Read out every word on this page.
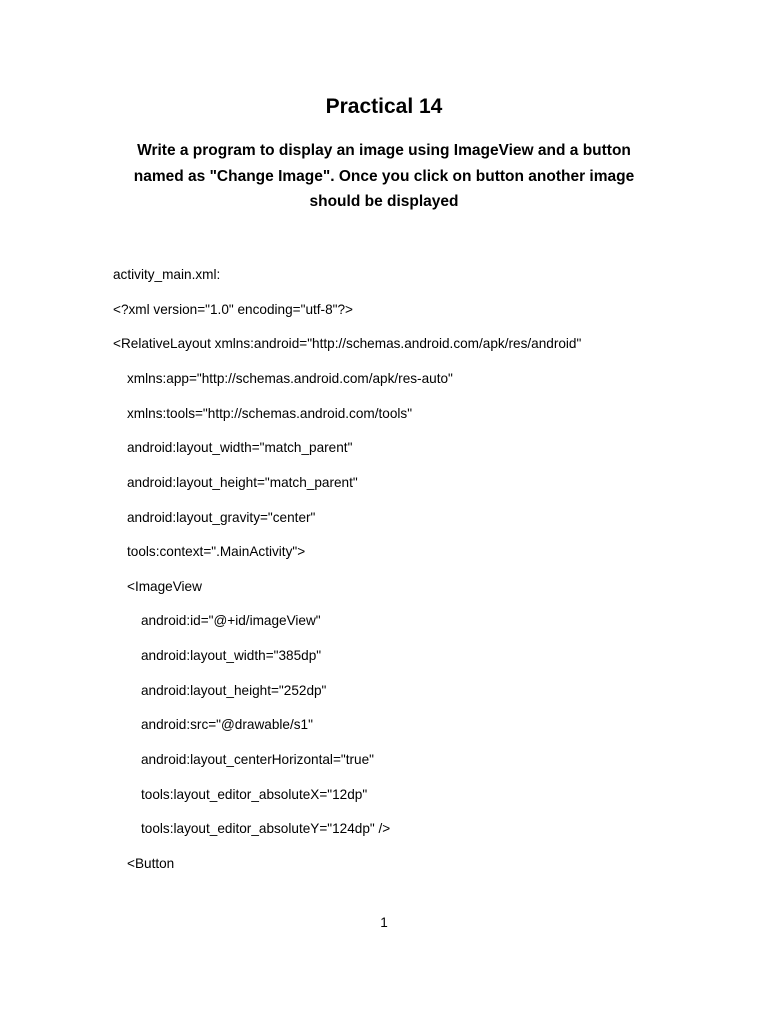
Practical 14
Write a program to display an image using ImageView and a button
named as "Change Image". Once you click on button another image
should be displayed
activity_main.xml:
<?xml version="1.0" encoding="utf-8"?>
<RelativeLayout xmlns:android="http://schemas.android.com/apk/res/android"
xmlns:app="http://schemas.android.com/apk/res-auto"
xmlns:tools="http://schemas.android.com/tools"
android:layout_width="match_parent"
android:layout_height="match_parent"
android:layout_gravity="center"
tools:context=".MainActivity">
<ImageView
android:id="@+id/imageView"
android:layout_width="385dp"
android:layout_height="252dp"
android:src="@drawable/s1"
android:layout_centerHorizontal="true"
tools:layout_editor_absoluteX="12dp"
tools:layout_editor_absoluteY="124dp" />
<Button
1
